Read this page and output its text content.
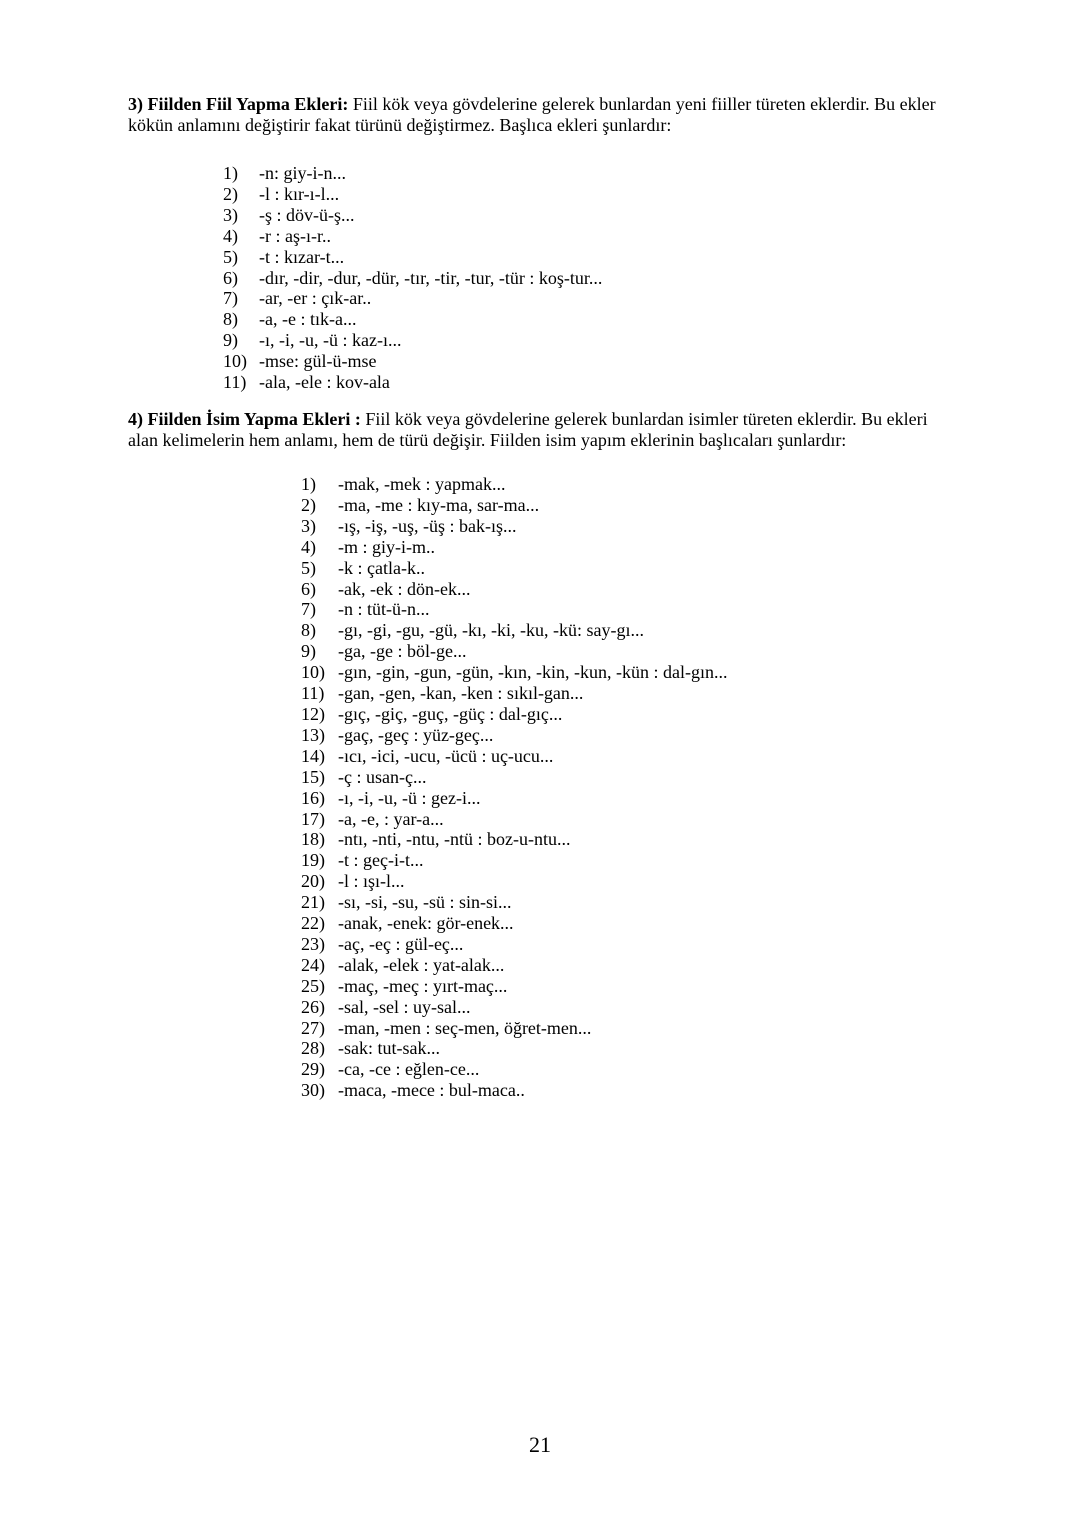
3) Fiilden Fiil Yapma Ekleri: Fiil kök veya gövdelerine gelerek bunlardan yeni fiiller türeten eklerdir. Bu ekler kökün anlamını değiştirir fakat türünü değiştirmez. Başlıca ekleri şunlardır:

1)	-n: giy-i-n...
2)	-l : kır-ı-l...
3)	-ş : döv-ü-ş...
4)	-r : aş-ı-r..
5)	-t : kızar-t...
6)	-dır, -dir, -dur, -dür, -tır, -tir, -tur, -tür : koş-tur...
7)	-ar, -er : çık-ar..
8)	-a, -e : tık-a...
9)	-ı, -i, -u, -ü : kaz-ı...
10) -mse: gül-ü-mse
11) -ala, -ele : kov-ala

4) Fiilden İsim Yapma Ekleri : Fiil kök veya gövdelerine gelerek bunlardan isimler türeten eklerdir. Bu ekleri alan kelimelerin hem anlamı, hem de türü değişir. Fiilden isim yapım eklerinin başlıcaları şunlardır:

1)	-mak, -mek : yapmak...
2)	-ma, -me : kıy-ma, sar-ma...
3)	-ış, -iş, -uş, -üş : bak-ış...
4)	-m : giy-i-m..
5)	-k : çatla-k..
6)	-ak, -ek : dön-ek...
7)	-n : tüt-ü-n...
8)	-gı, -gi, -gu, -gü, -kı, -ki, -ku, -kü: say-gı...
9)	-ga, -ge : böl-ge...
10) -gın, -gin, -gun, -gün, -kın, -kin, -kun, -kün : dal-gın...
11) -gan, -gen, -kan, -ken : sıkıl-gan...
12) -gıç, -giç, -guç, -güç : dal-gıç...
13) -gaç, -geç : yüz-geç...
14) -ıcı, -ici, -ucu, -ücü : uç-ucu...
15) -ç : usan-ç...
16) -ı, -i, -u, -ü : gez-i...
17) -a, -e, : yar-a...
18) -ntı, -nti, -ntu, -ntü : boz-u-ntu...
19) -t : geç-i-t...
20) -l : ışı-l...
21) -sı, -si, -su, -sü : sin-si...
22) -anak, -enek: gör-enek...
23) -aç, -eç : gül-eç...
24) -alak, -elek : yat-alak...
25) -maç, -meç : yırt-maç...
26) -sal, -sel : uy-sal...
27) -man, -men : seç-men, öğret-men...
28) -sak: tut-sak...
29) -ca, -ce : eğlen-ce...
30) -maca, -mece : bul-maca..
21
